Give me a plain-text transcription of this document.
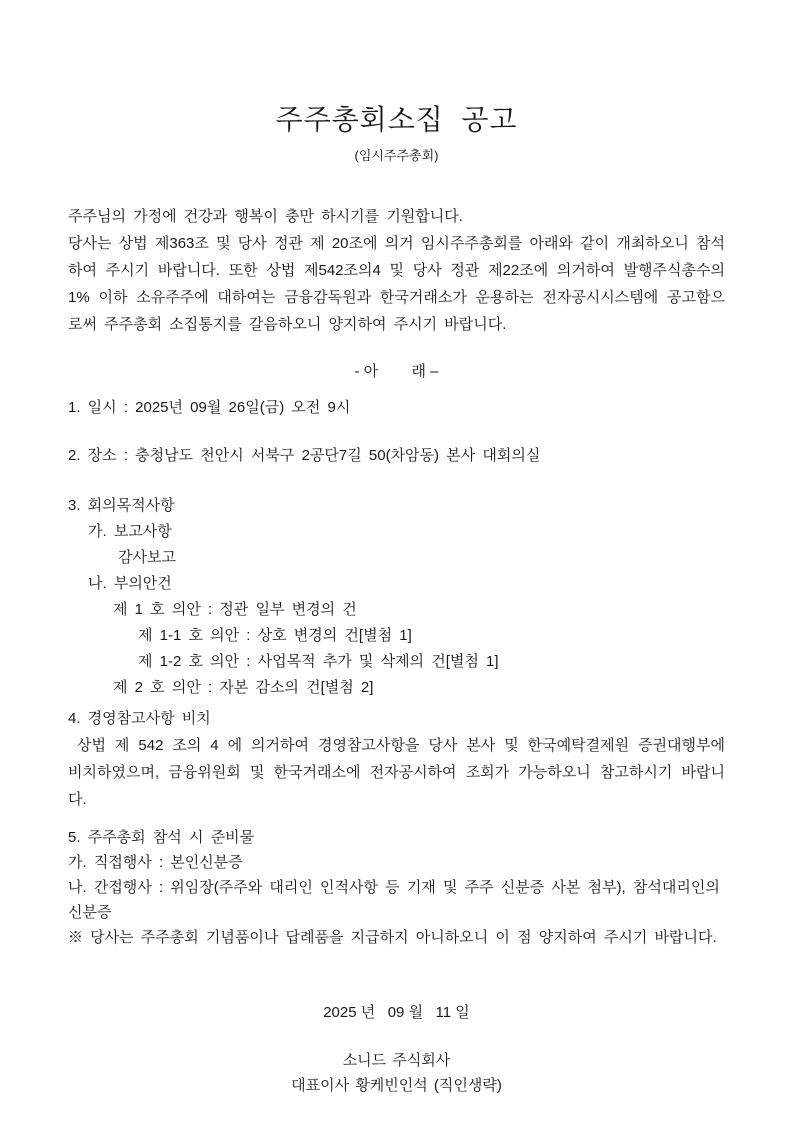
주주총회소집  공고
(임시주주총회)
주주님의 가정에 건강과 행복이 충만 하시기를 기원합니다.
당사는 상법 제363조 및 당사 정관 제 20조에 의거 임시주주총회를 아래와 같이 개최하오니 참석하여 주시기 바랍니다. 또한 상법 제542조의4 및 당사 정관 제22조에 의거하여 발행주식총수의 1% 이하 소유주주에 대하여는 금융감독원과 한국거래소가 운용하는 전자공시시스템에 공고함으로써 주주총회 소집통지를 갈음하오니 양지하여 주시기 바랍니다.
- 아        래 –
1. 일시 : 2025년 09월 26일(금) 오전 9시
2. 장소 : 충청남도 천안시 서북구 2공단7길 50(차암동) 본사 대회의실
3. 회의목적사항
가. 보고사항
감사보고
나. 부의안건
제 1 호 의안 : 정관 일부 변경의 건
제 1-1 호 의안 : 상호 변경의 건[별첨 1]
제 1-2 호 의안 : 사업목적 추가 및 삭제의 건[별첨 1]
제 2 호 의안 : 자본 감소의 건[별첨 2]
4. 경영참고사항 비치
상법 제 542 조의 4 에 의거하여 경영참고사항을 당사 본사 및 한국예탁결제원 증권대행부에 비치하였으며, 금융위원회 및 한국거래소에 전자공시하여 조회가 가능하오니 참고하시기 바랍니다.
5. 주주총회 참석 시 준비물
가. 직접행사 : 본인신분증
나. 간접행사 : 위임장(주주와 대리인 인적사항 등 기재 및 주주 신분증 사본 첨부), 참석대리인의 신분증
※ 당사는 주주총회 기념품이나 답례품을 지급하지 아니하오니 이 점 양지하여 주시기 바랍니다.
2025 년   09 월   11 일
소니드 주식회사
대표이사 황케빈인석 (직인생략)
